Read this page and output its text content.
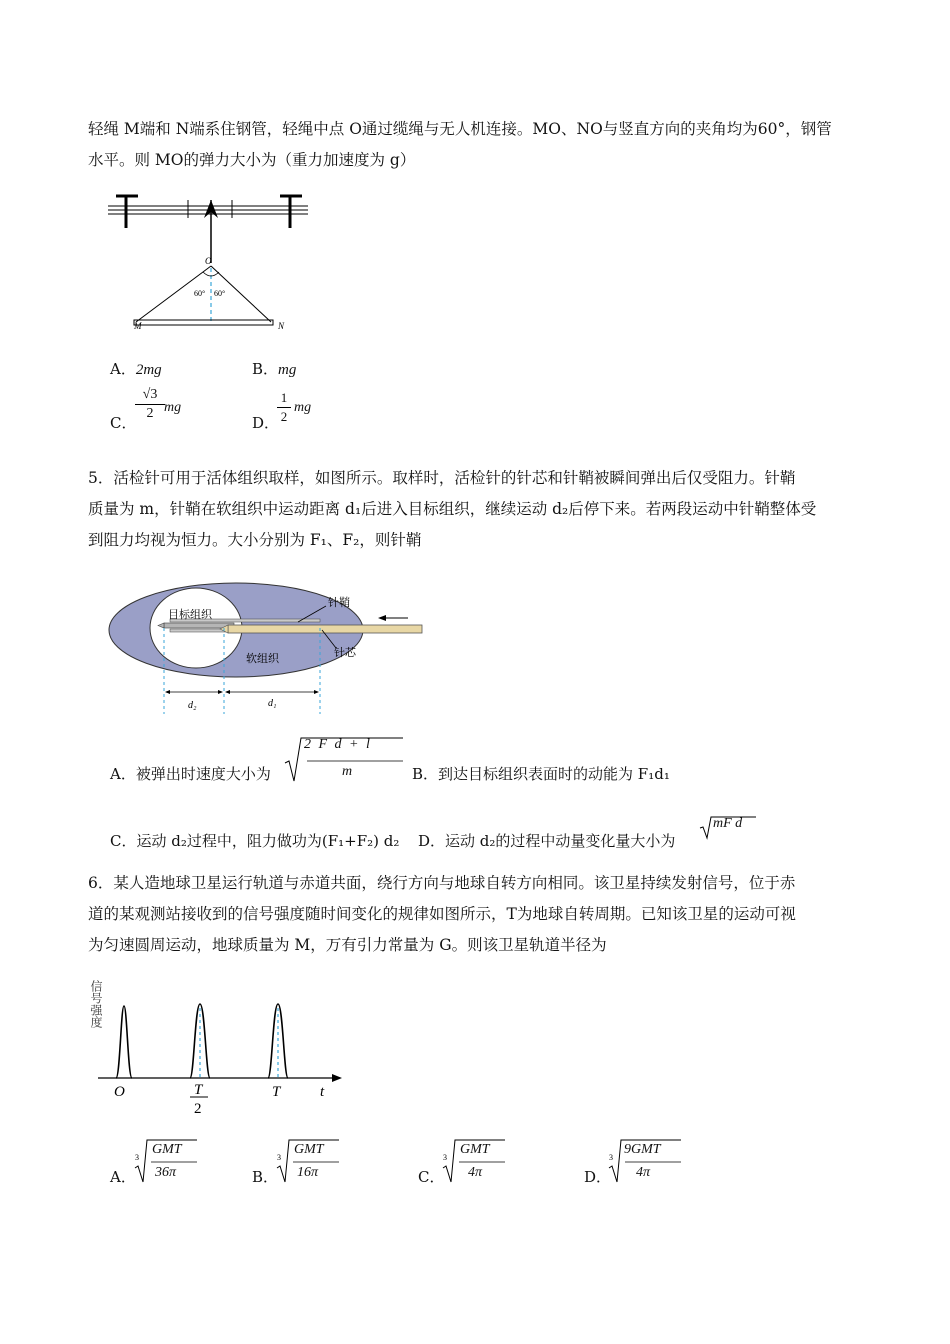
轻绳 M端和 N端系住钢管，轻绳中点 O通过缆绳与无人机连接。MO、NO与竖直方向的夹角均为60°，钢管
水平。则 MO的弹力大小为（重力加速度为 g）
O
60° 60°
M	N
A．2mg	B．mg
C．
$\frac{√3}{2}$ mg
D．
$\frac{1}{2}$ mg
5．活检针可用于活体组织取样，如图所示。取样时，活检针的针芯和针鞘被瞬间弹出后仅受阻力。针鞘
质量为 m，针鞘在软组织中运动距离 d₁后进入目标组织，继续运动 d₂后停下来。若两段运动中针鞘整体受
到阻力均视为恒力。大小分别为 F₁、F₂，则针鞘
目标组织
软组织
针鞘
针芯
d₂	d₁
A．被弹出时速度大小为
2 F d + l
m	B．到达目标组织表面时的动能为 F₁d₁
C．运动 d₂过程中，阻力做功为(F₁+F₂) d₂ D．运动 d₂的过程中动量变化量大小为
mF d
6．某人造地球卫星运行轨道与赤道共面，绕行方向与地球自转方向相同。该卫星持续发射信号，位于赤
道的某观测站接收到的信号强度随时间变化的规律如图所示，T为地球自转周期。已知该卫星的运动可视
为匀速圆周运动，地球质量为 M，万有引力常量为 G。则该卫星轨道半径为
信号强度
O	T
2
T	t
A．
3
GMT
36π	B．
3
GMT
16π	C．
3
GMT
4π	D．
3
9GMT
4π
